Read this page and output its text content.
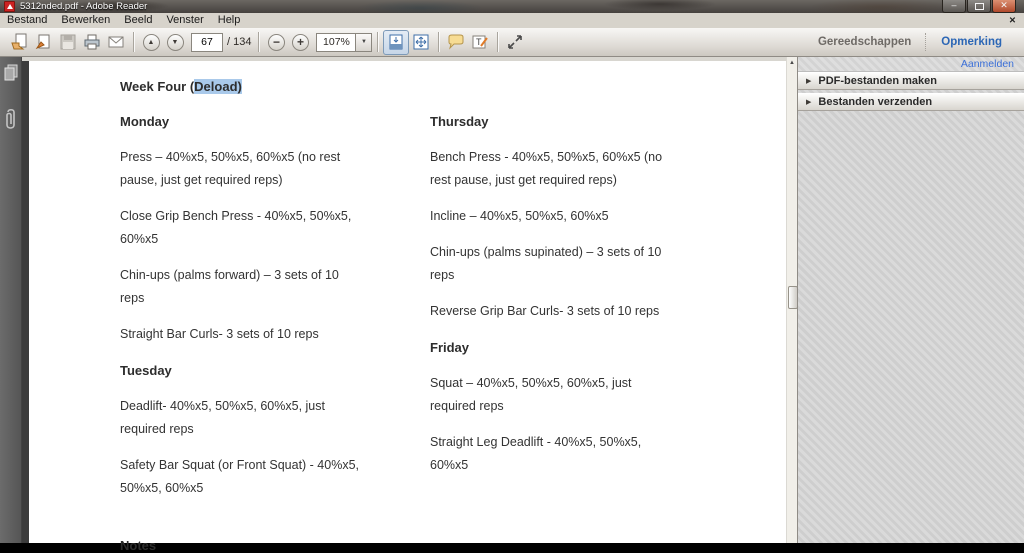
5312nded.pdf - Adobe Reader	–	✕
Bestand	Bewerken	Beeld	Venster	Help	✕
▲	▼
67	/ 134	−	+	107%	▼	T	Gereedschappen	Opmerking
Week Four (Deload)
Monday
Press – 40%x5, 50%x5, 60%x5 (no rest
pause, just get required reps)
Close Grip Bench Press - 40%x5, 50%x5,
60%x5
Chin-ups (palms forward) – 3 sets of 10
reps
Straight Bar Curls- 3 sets of 10 reps
Tuesday
Deadlift- 40%x5, 50%x5, 60%x5, just
required reps
Safety Bar Squat (or Front Squat) - 40%x5,
50%x5, 60%x5
Thursday
Bench Press - 40%x5, 50%x5, 60%x5 (no
rest pause, just get required reps)
Incline – 40%x5, 50%x5, 60%x5
Chin-ups (palms supinated) – 3 sets of 10
reps
Reverse Grip Bar Curls- 3 sets of 10 reps
Friday
Squat – 40%x5, 50%x5, 60%x5, just
required reps
Straight Leg Deadlift - 40%x5, 50%x5,
60%x5
Notes
▲	Aanmelden
▶ PDF-bestanden maken
▶ Bestanden verzenden
